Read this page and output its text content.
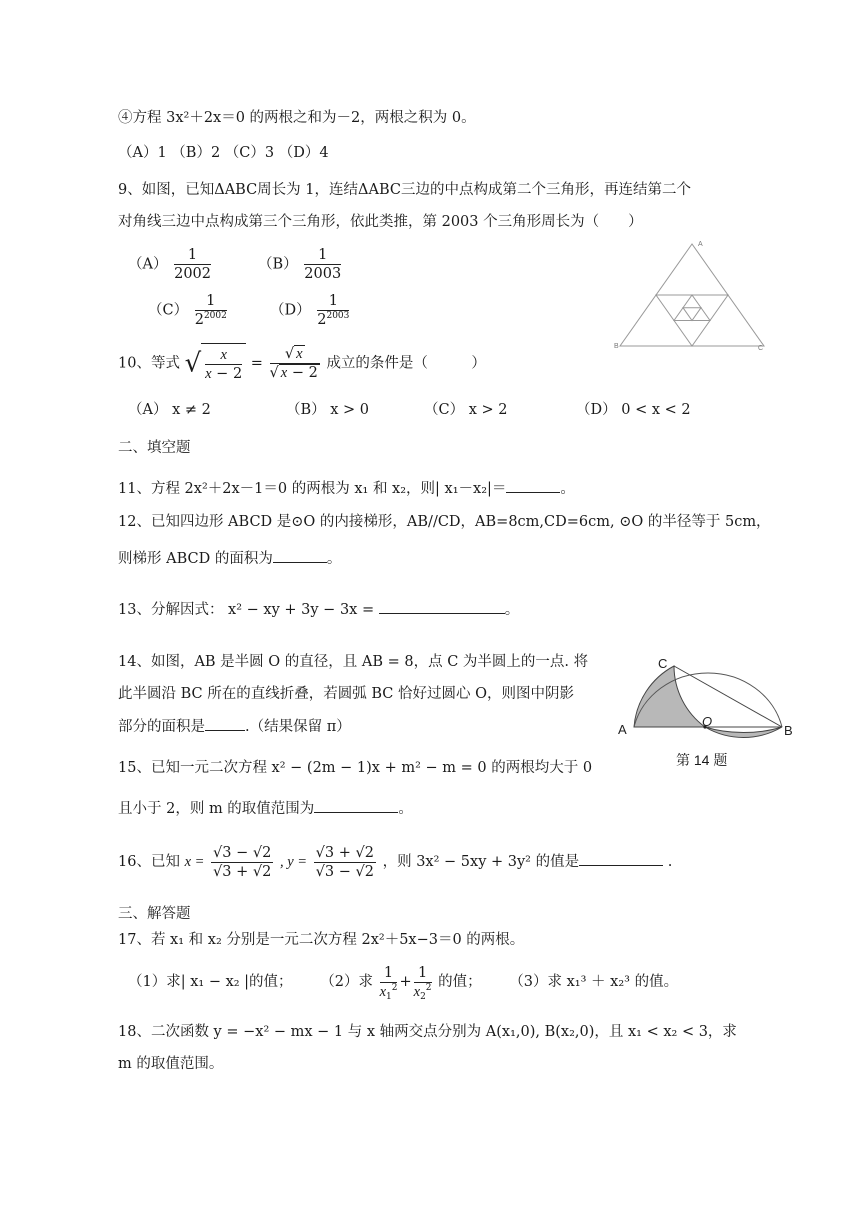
④方程 3x²＋2x＝0 的两根之和为－2，两根之积为 0。
（A）1 （B）2 （C）3 （D）4
9、如图，已知ΔABC周长为 1，连结ΔABC三边的中点构成第二个三角形，再连结第二个
对角线三边中点构成第三个三角形，依此类推，第 2003 个三角形周长为（　　）
$(A) \frac{1}{2002}$	$(B) \frac{1}{2003}$
$(C) \frac{1}{2^{2002}}$	$(D) \frac{1}{2^{2003}}$
A
B	C
10、等式 √ $\frac{x}{x - 2} = \frac{√ x}{√ x - 2}$ 成立的条件是（　　　）
（A） x ≠ 2	（B） x > 0	（C） x > 2	（D） 0 < x < 2
二、填空题
11、方程 2x²＋2x－1＝0 的两根为 x₁ 和 x₂，则| x₁－x₂|＝	。
12、已知四边形 ABCD 是⊙O 的内接梯形，AB//CD，AB=8cm,CD=6cm, ⊙O 的半径等于 5cm，
则梯形 ABCD 的面积为	。
13、分解因式： x² − xy + 3y − 3x =	。
14、如图，AB 是半圆 O 的直径，且 AB = 8，点 C 为半圆上的一点. 将
此半圆沿 BC 所在的直线折叠，若圆弧 BC 恰好过圆心 O，则图中阴影
部分的面积是	.（结果保留 π）
C
A
O
B
第 14 题
15、已知一元二次方程 x² − (2m − 1)x + m² − m = 0 的两根均大于 0
且小于 2，则 m 的取值范围为	。
16、已知 $x = \frac{√3 - √2}{√3 + √2}$ , $y = \frac{√3 + √2}{√3 - √2}$ ，则 3x² − 5xy + 3y² 的值是	.
三、解答题
17、若 x₁ 和 x₂ 分别是一元二次方程 2x²＋5x−3＝0 的两根。
（1）求| x₁ − x₂ |的值； （2）求 $\frac{1}{x_1^2} + \frac{1}{x_2^2}$ 的值； （3）求 x₁³ ＋ x₂³ 的值。
18、二次函数 y = −x² − mx − 1 与 x 轴两交点分别为 A(x₁,0), B(x₂,0)，且 x₁ < x₂ < 3，求
m 的取值范围。
